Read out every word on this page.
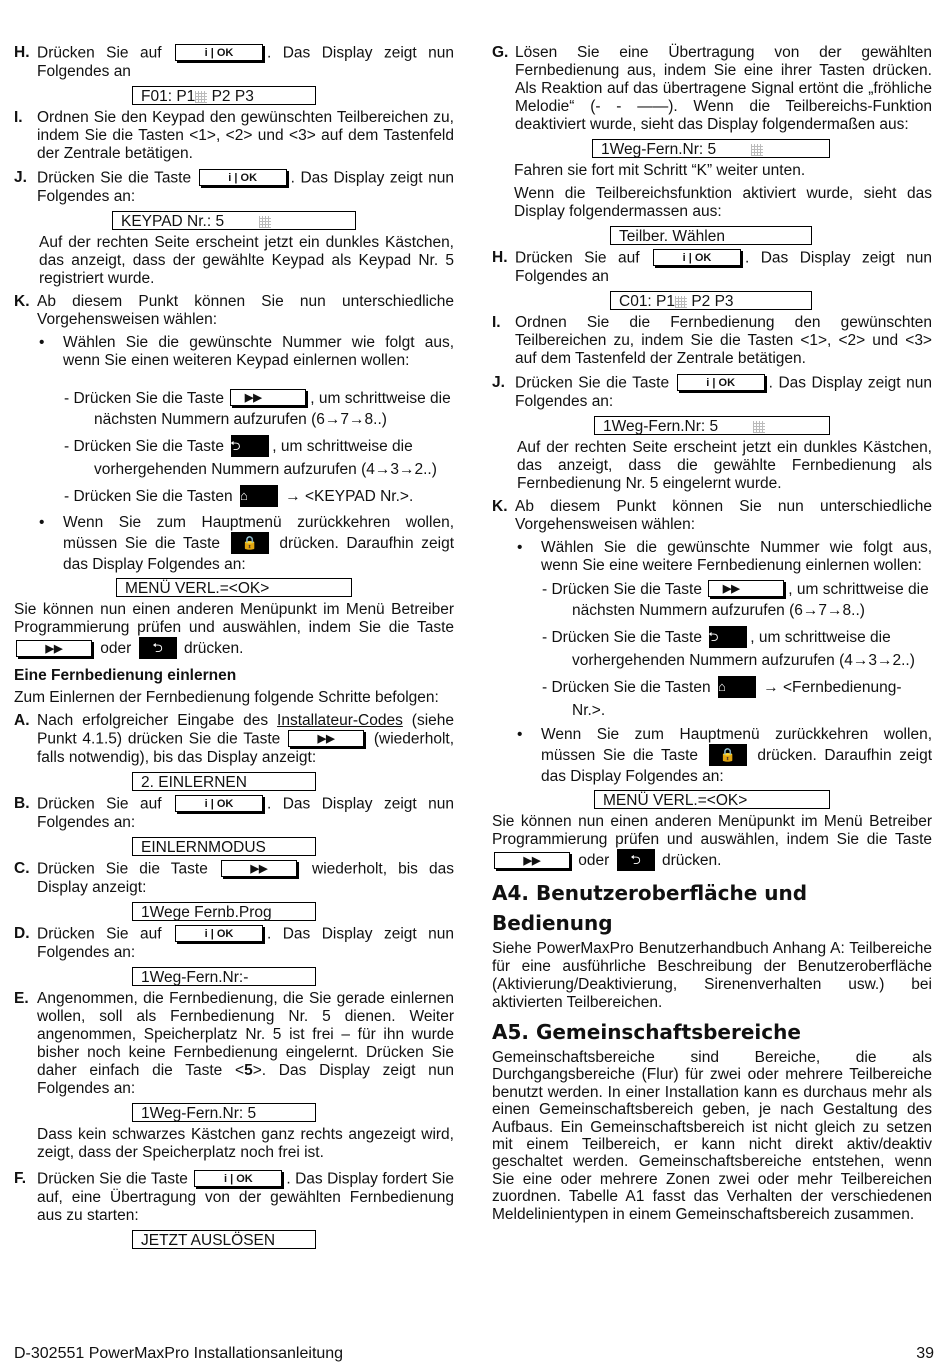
H. Drücken Sie auf	i | OK . Das Display zeigt nun Folgendes an
F01: P1 P2 P3
I. Ordnen Sie den Keypad den gewünschten Teilbereichen zu, indem Sie die Tasten <1>, <2> und <3> auf dem Tastenfeld der Zentrale betätigen.
J. Drücken Sie die Taste	i | OK . Das Display zeigt nun Folgendes an:
KEYPAD Nr.: 5
Auf der rechten Seite erscheint jetzt ein dunkles Kästchen, das anzeigt, dass der gewählte Keypad als Keypad Nr. 5 registriert wurde.
K. Ab diesem Punkt können Sie nun unterschiedliche Vorgehensweisen wählen:
• Wählen Sie die gewünschte Nummer wie folgt aus, wenn Sie einen weiteren Keypad einlernen wollen:
- Drücken Sie die Taste ▶▶	, um schrittweise die nächsten Nummern aufzurufen (6→7→8..)
- Drücken Sie die Taste ⮌ , um schrittweise die vorhergehenden Nummern aufzurufen (4→3→2..)
- Drücken Sie die Tasten ⌂ → <KEYPAD Nr.>.
• Wenn Sie zum Hauptmenü zurückkehren wollen, müssen Sie die Taste 🔒 drücken. Daraufhin zeigt das Display Folgendes an:
MENÜ VERL.=<OK>
Sie können nun einen anderen Menüpunkt im Menü Betreiber Programmierung prüfen und auswählen, indem Sie die Taste ▶▶ oder ⮌ drücken.
Eine Fernbedienung einlernen
Zum Einlernen der Fernbedienung folgende Schritte befolgen:
A. Nach erfolgreicher Eingabe des Installateur-Codes (siehe Punkt 4.1.5) drücken Sie die Taste	▶▶ (wiederholt, falls notwendig), bis das Display anzeigt:
2. EINLERNEN
B. Drücken Sie auf	i | OK . Das Display zeigt nun Folgendes an:
EINLERNMODUS
C. Drücken Sie die Taste	▶▶ wiederholt, bis das Display anzeigt:
1Wege Fernb.Prog
D. Drücken Sie auf	i | OK . Das Display zeigt nun Folgendes an:
1Weg-Fern.Nr:-
E. Angenommen, die Fernbedienung, die Sie gerade einlernen wollen, soll als Fernbedienung Nr. 5 dienen. Weiter angenommen, Speicherplatz Nr. 5 ist frei – für ihn wurde bisher noch keine Fernbedienung eingelernt. Drücken Sie daher einfach die Taste <5>. Das Display zeigt nun Folgendes an:
1Weg-Fern.Nr: 5
Dass kein schwarzes Kästchen ganz rechts angezeigt wird, zeigt, dass der Speicherplatz noch frei ist.
F. Drücken Sie die Taste	i | OK . Das Display fordert Sie auf, eine Übertragung von der gewählten Fernbedienung aus zu starten:
JETZT AUSLÖSEN
G. Lösen Sie eine Übertragung von der gewählten Fernbedienung aus, indem Sie eine ihrer Tasten drücken. Als Reaktion auf das übertragene Signal ertönt die „fröhliche Melodie“ (- - ——). Wenn die Teilbereichs-Funktion deaktiviert wurde, sieht das Display folgendermaßen aus:
1Weg-Fern.Nr: 5
Fahren sie fort mit Schritt “K” weiter unten.
Wenn die Teilbereichsfunktion aktiviert wurde, sieht das Display folgendermassen aus:
Teilber. Wählen
H. Drücken Sie auf	i | OK . Das Display zeigt nun Folgendes an
C01: P1 P2 P3
I. Ordnen Sie die Fernbedienung den gewünschten Teilbereichen zu, indem Sie die Tasten <1>, <2> und <3> auf dem Tastenfeld der Zentrale betätigen.
J. Drücken Sie die Taste	i | OK . Das Display zeigt nun Folgendes an:
1Weg-Fern.Nr: 5
Auf der rechten Seite erscheint jetzt ein dunkles Kästchen, das anzeigt, dass die gewählte Fernbedienung als Fernbedienung Nr. 5 eingelernt wurde.
K. Ab diesem Punkt können Sie nun unterschiedliche Vorgehensweisen wählen:
• Wählen Sie die gewünschte Nummer wie folgt aus, wenn Sie eine weitere Fernbedienung einlernen wollen:
- Drücken Sie die Taste ▶▶	, um schrittweise die nächsten Nummern aufzurufen (6→7→8..)
- Drücken Sie die Taste ⮌ , um schrittweise die vorhergehenden Nummern aufzurufen (4→3→2..)
- Drücken Sie die Tasten ⌂ → <Fernbedienung-Nr.>.
• Wenn Sie zum Hauptmenü zurückkehren wollen, müssen Sie die Taste 🔒 drücken. Daraufhin zeigt das Display Folgendes an:
MENÜ VERL.=<OK>
Sie können nun einen anderen Menüpunkt im Menü Betreiber Programmierung prüfen und auswählen, indem Sie die Taste ▶▶ oder ⮌ drücken.
A4. Benutzeroberfläche und Bedienung
Siehe PowerMaxPro Benutzerhandbuch Anhang A: Teilbereiche für eine ausführliche Beschreibung der Benutzeroberfläche (Aktivierung/Deaktivierung, Sirenenverhalten usw.) bei aktivierten Teilbereichen.
A5. Gemeinschaftsbereiche
Gemeinschaftsbereiche sind Bereiche, die als Durchgangsbereiche (Flur) für zwei oder mehrere Teilbereiche benutzt werden. In einer Installation kann es durchaus mehr als einen Gemeinschaftsbereich geben, je nach Gestaltung des Aufbaus. Ein Gemeinschaftsbereich ist nicht gleich zu setzen mit einem Teilbereich, er kann nicht direkt aktiv/deaktiv geschaltet werden. Gemeinschaftsbereiche entstehen, wenn Sie eine oder mehrere Zonen zwei oder mehr Teilbereichen zuordnen. Tabelle A1 fasst das Verhalten der verschiedenen Meldelinientypen in einem Gemeinschaftsbereich zusammen.
D-302551 PowerMaxPro Installationsanleitung	39
